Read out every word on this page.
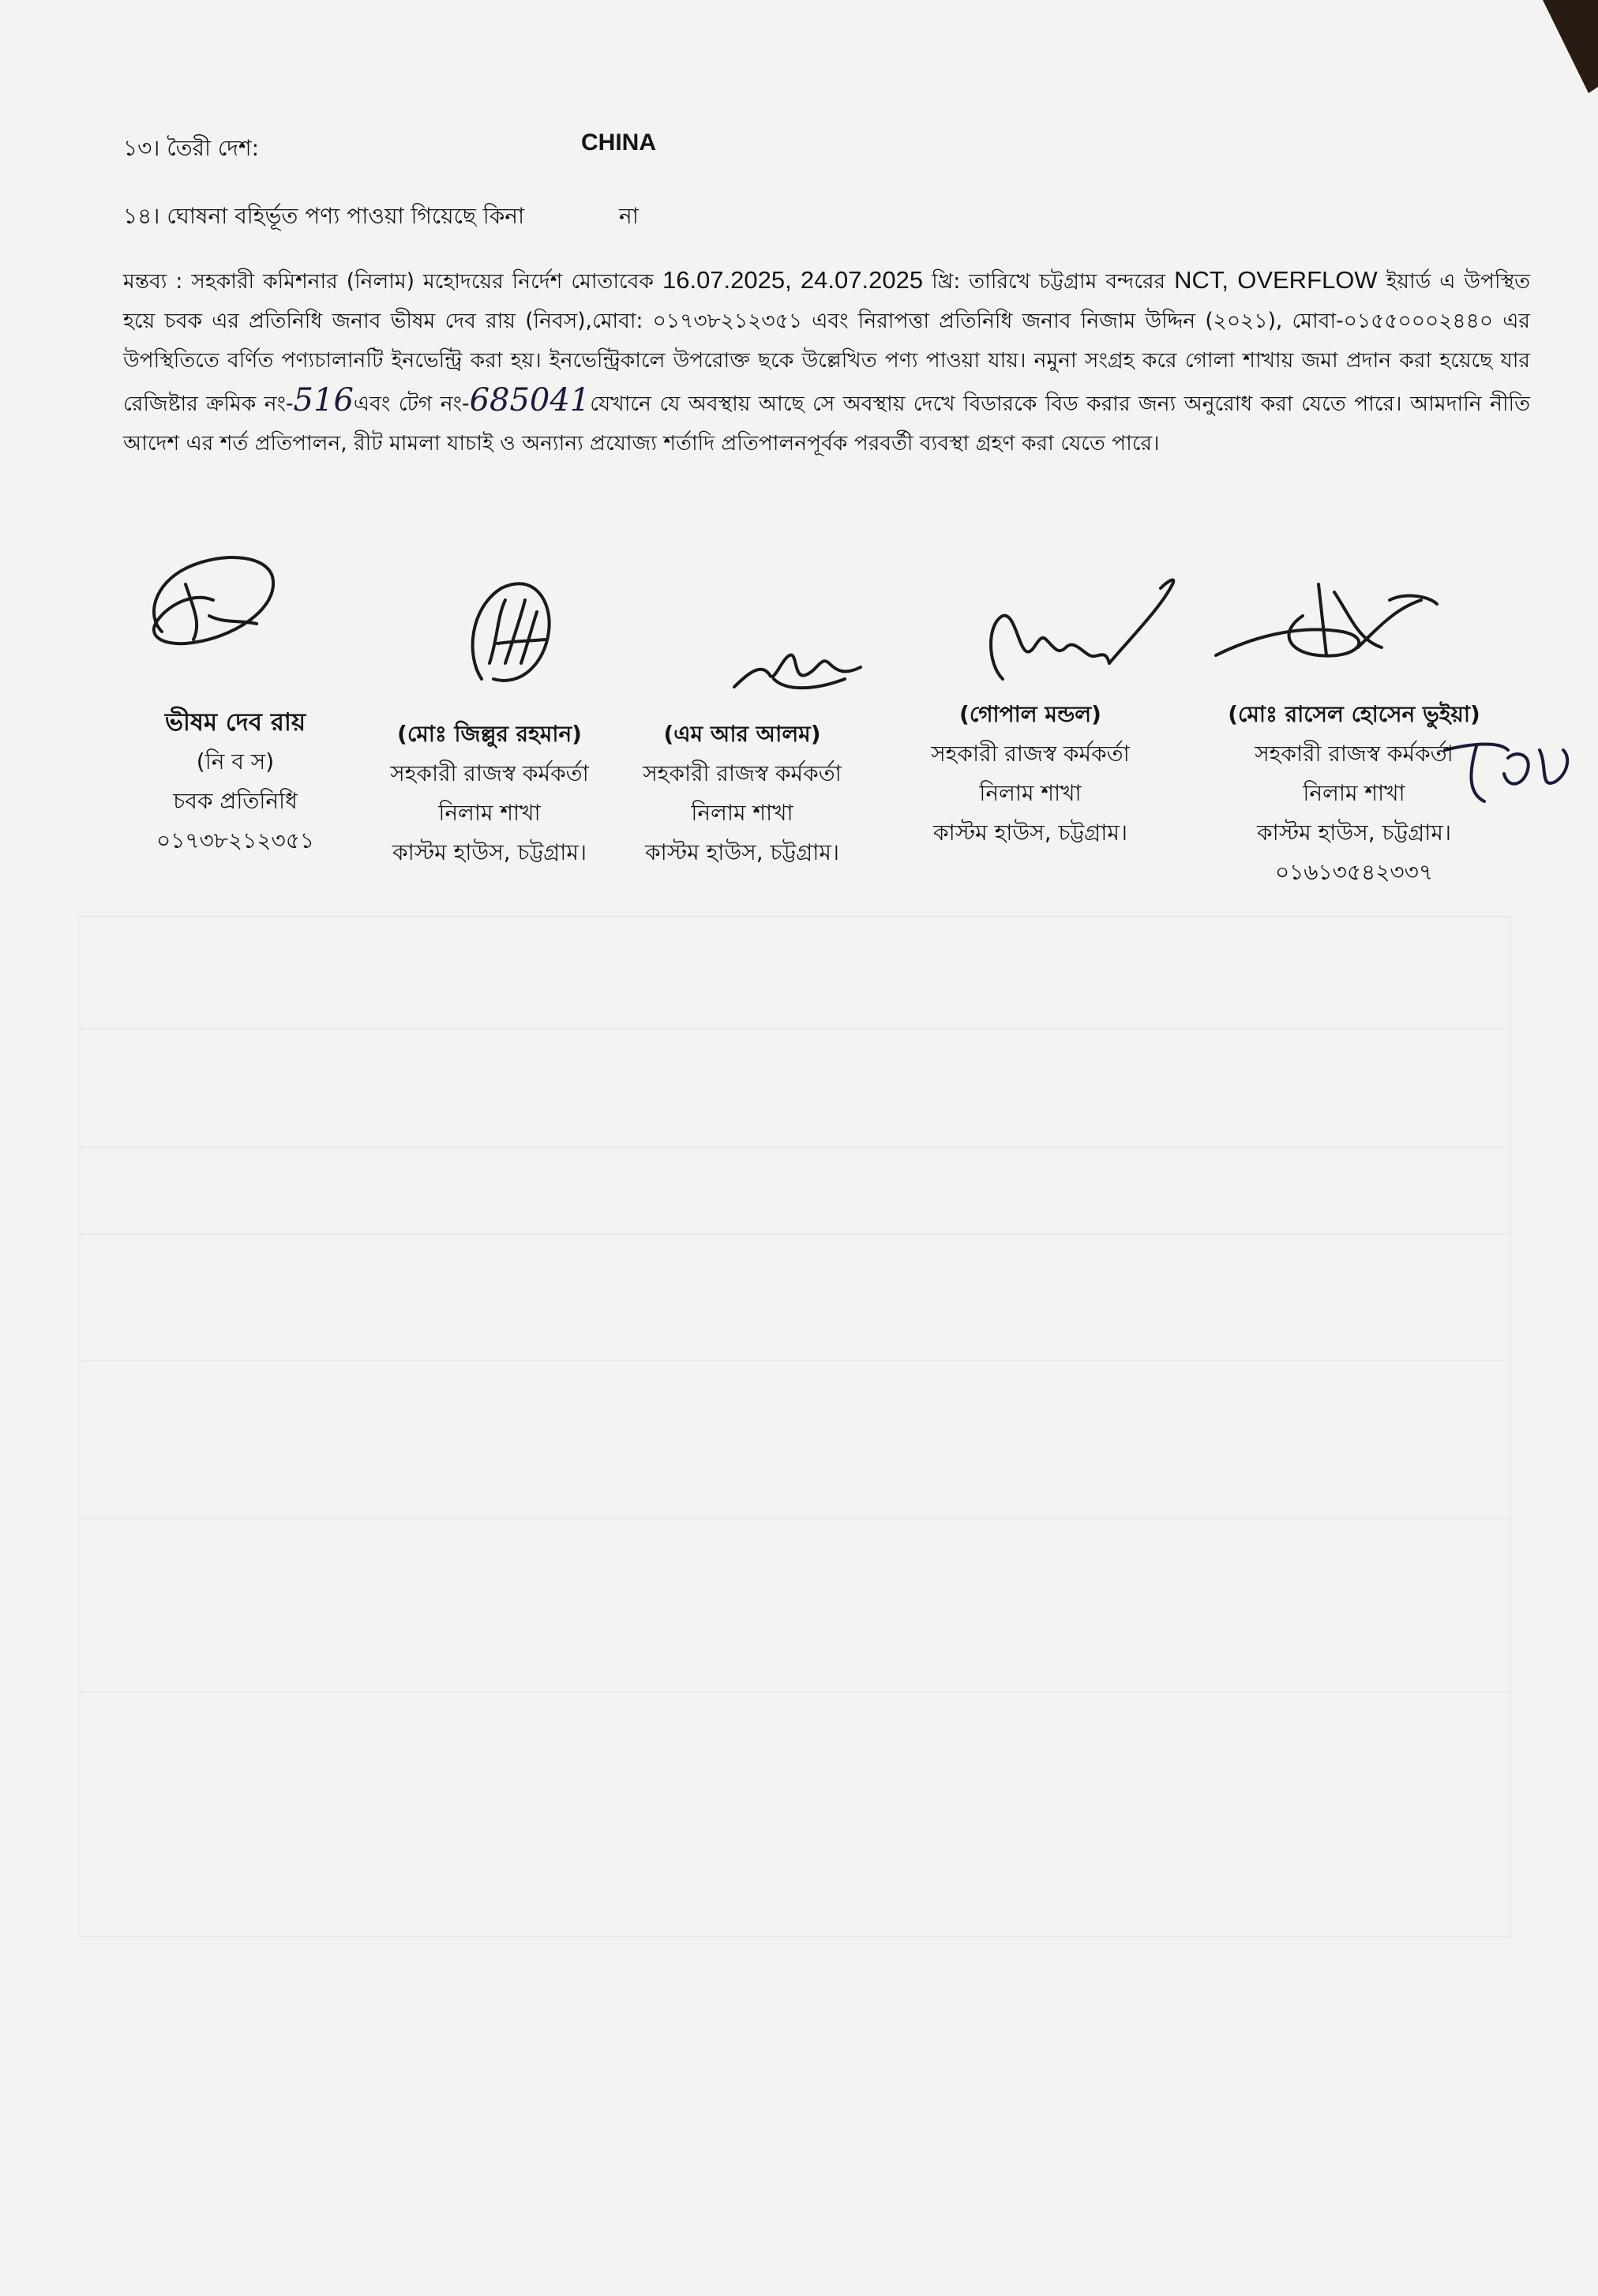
১৩। তৈরী দেশ:	CHINA
১৪। ঘোষনা বহির্ভূত পণ্য পাওয়া গিয়েছে কিনা	না
মন্তব্য : সহকারী কমিশনার (নিলাম) মহোদয়ের নির্দেশ মোতাবেক 16.07.2025, 24.07.2025 খ্রি: তারিখে চট্টগ্রাম বন্দরের NCT, OVERFLOW ইয়ার্ড এ উপস্থিত হয়ে চবক এর প্রতিনিধি জনাব ভীষম দেব রায় (নিবস),মোবা: ০১৭৩৮২১২৩৫১ এবং নিরাপত্তা প্রতিনিধি জনাব নিজাম উদ্দিন (২০২১), মোবা-০১৫৫০০০২৪৪০ এর উপস্থিতিতে বর্ণিত পণ্যচালানটি ইনভেন্ট্রি করা হয়। ইনভেন্ট্রিকালে উপরোক্ত ছকে উল্লেখিত পণ্য পাওয়া যায়। নমুনা সংগ্রহ করে গোলা শাখায় জমা প্রদান করা হয়েছে যার রেজিষ্টার ক্রমিক নং-516এবং টেগ নং-685041যেখানে যে অবস্থায় আছে সে অবস্থায় দেখে বিডারকে বিড করার জন্য অনুরোধ করা যেতে পারে। আমদানি নীতি আদেশ এর শর্ত প্রতিপালন, রীট মামলা যাচাই ও অন্যান্য প্রযোজ্য শর্তাদি প্রতিপালনপূর্বক পরবর্তী ব্যবস্থা গ্রহণ করা যেতে পারে।
ভীষম দেব রায়
(নি ব স)
চবক প্রতিনিধি
০১৭৩৮২১২৩৫১
(মোঃ জিল্লুর রহমান)
সহকারী রাজস্ব কর্মকর্তা
নিলাম শাখা
কাস্টম হাউস, চট্টগ্রাম।
(এম আর আলম)
সহকারী রাজস্ব কর্মকর্তা
নিলাম শাখা
কাস্টম হাউস, চট্টগ্রাম।
(গোপাল মন্ডল)
সহকারী রাজস্ব কর্মকর্তা
নিলাম শাখা
কাস্টম হাউস, চট্টগ্রাম।
(মোঃ রাসেল হোসেন ভুইয়া)
সহকারী রাজস্ব কর্মকর্তা
নিলাম শাখা
কাস্টম হাউস, চট্টগ্রাম।
০১৬১৩৫৪২৩৩৭
